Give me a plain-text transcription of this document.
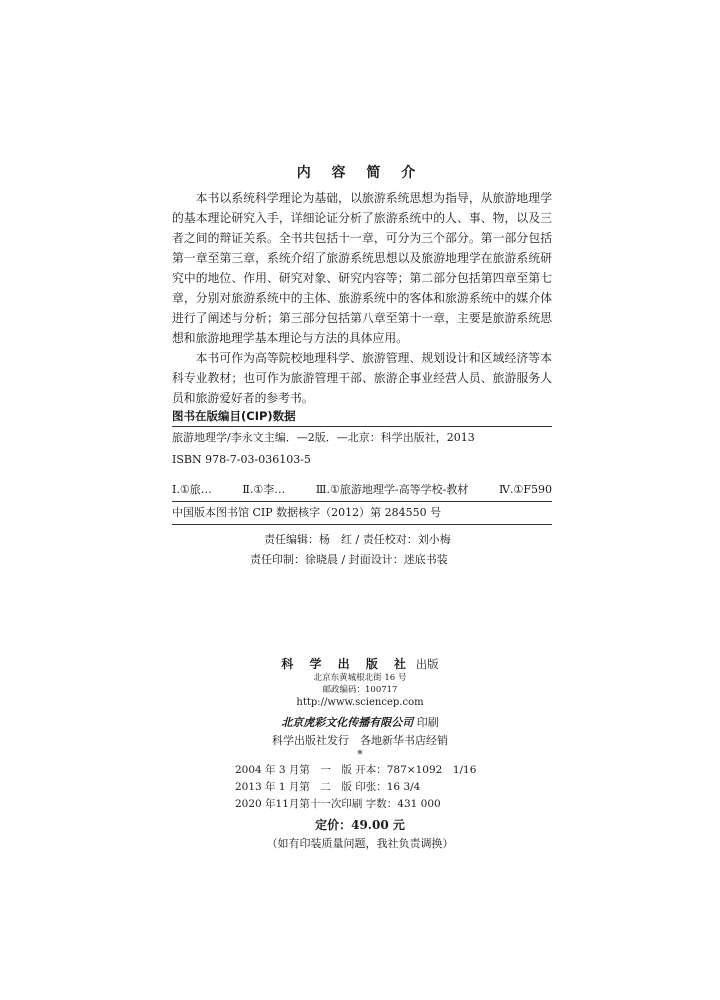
内 容 简 介

本书以系统科学理论为基础，以旅游系统思想为指导，从旅游地理学的基本理论研究入手，详细论证分析了旅游系统中的人、事、物，以及三者之间的辩证关系。全书共包括十一章，可分为三个部分。第一部分包括第一章至第三章，系统介绍了旅游系统思想以及旅游地理学在旅游系统研究中的地位、作用、研究对象、研究内容等；第二部分包括第四章至第七章，分别对旅游系统中的主体、旅游系统中的客体和旅游系统中的媒介体进行了阐述与分析；第三部分包括第八章至第十一章，主要是旅游系统思想和旅游地理学基本理论与方法的具体应用。

本书可作为高等院校地理科学、旅游管理、规划设计和区域经济等本科专业教材；也可作为旅游管理干部、旅游企事业经营人员、旅游服务人员和旅游爱好者的参考书。

图书在版编目(CIP)数据
旅游地理学/李永文主编．—2版．—北京：科学出版社，2013
ISBN 978-7-03-036103-5
Ⅰ.①旅…	Ⅱ.①李…	Ⅲ.①旅游地理学-高等学校-教材	Ⅳ.①F590
中国版本图书馆 CIP 数据核字（2012）第 284550 号
责任编辑：杨　红 / 责任校对：刘小梅
责任印制：徐晓晨 / 封面设计：迷底书装
科 学 出 版 社 出版
北京东黄城根北街 16 号
邮政编码：100717
http://www.sciencep.com
北京虎彩文化传播有限公司 印刷
科学出版社发行　各地新华书店经销
*
2004 年 3 月第　一　版 开本：787×1092　1/16
2013 年 1 月第　二　版 印张：16 3/4
2020 年11月第十一次印刷 字数：431 000
定价：49.00 元
（如有印装质量问题，我社负责调换）
